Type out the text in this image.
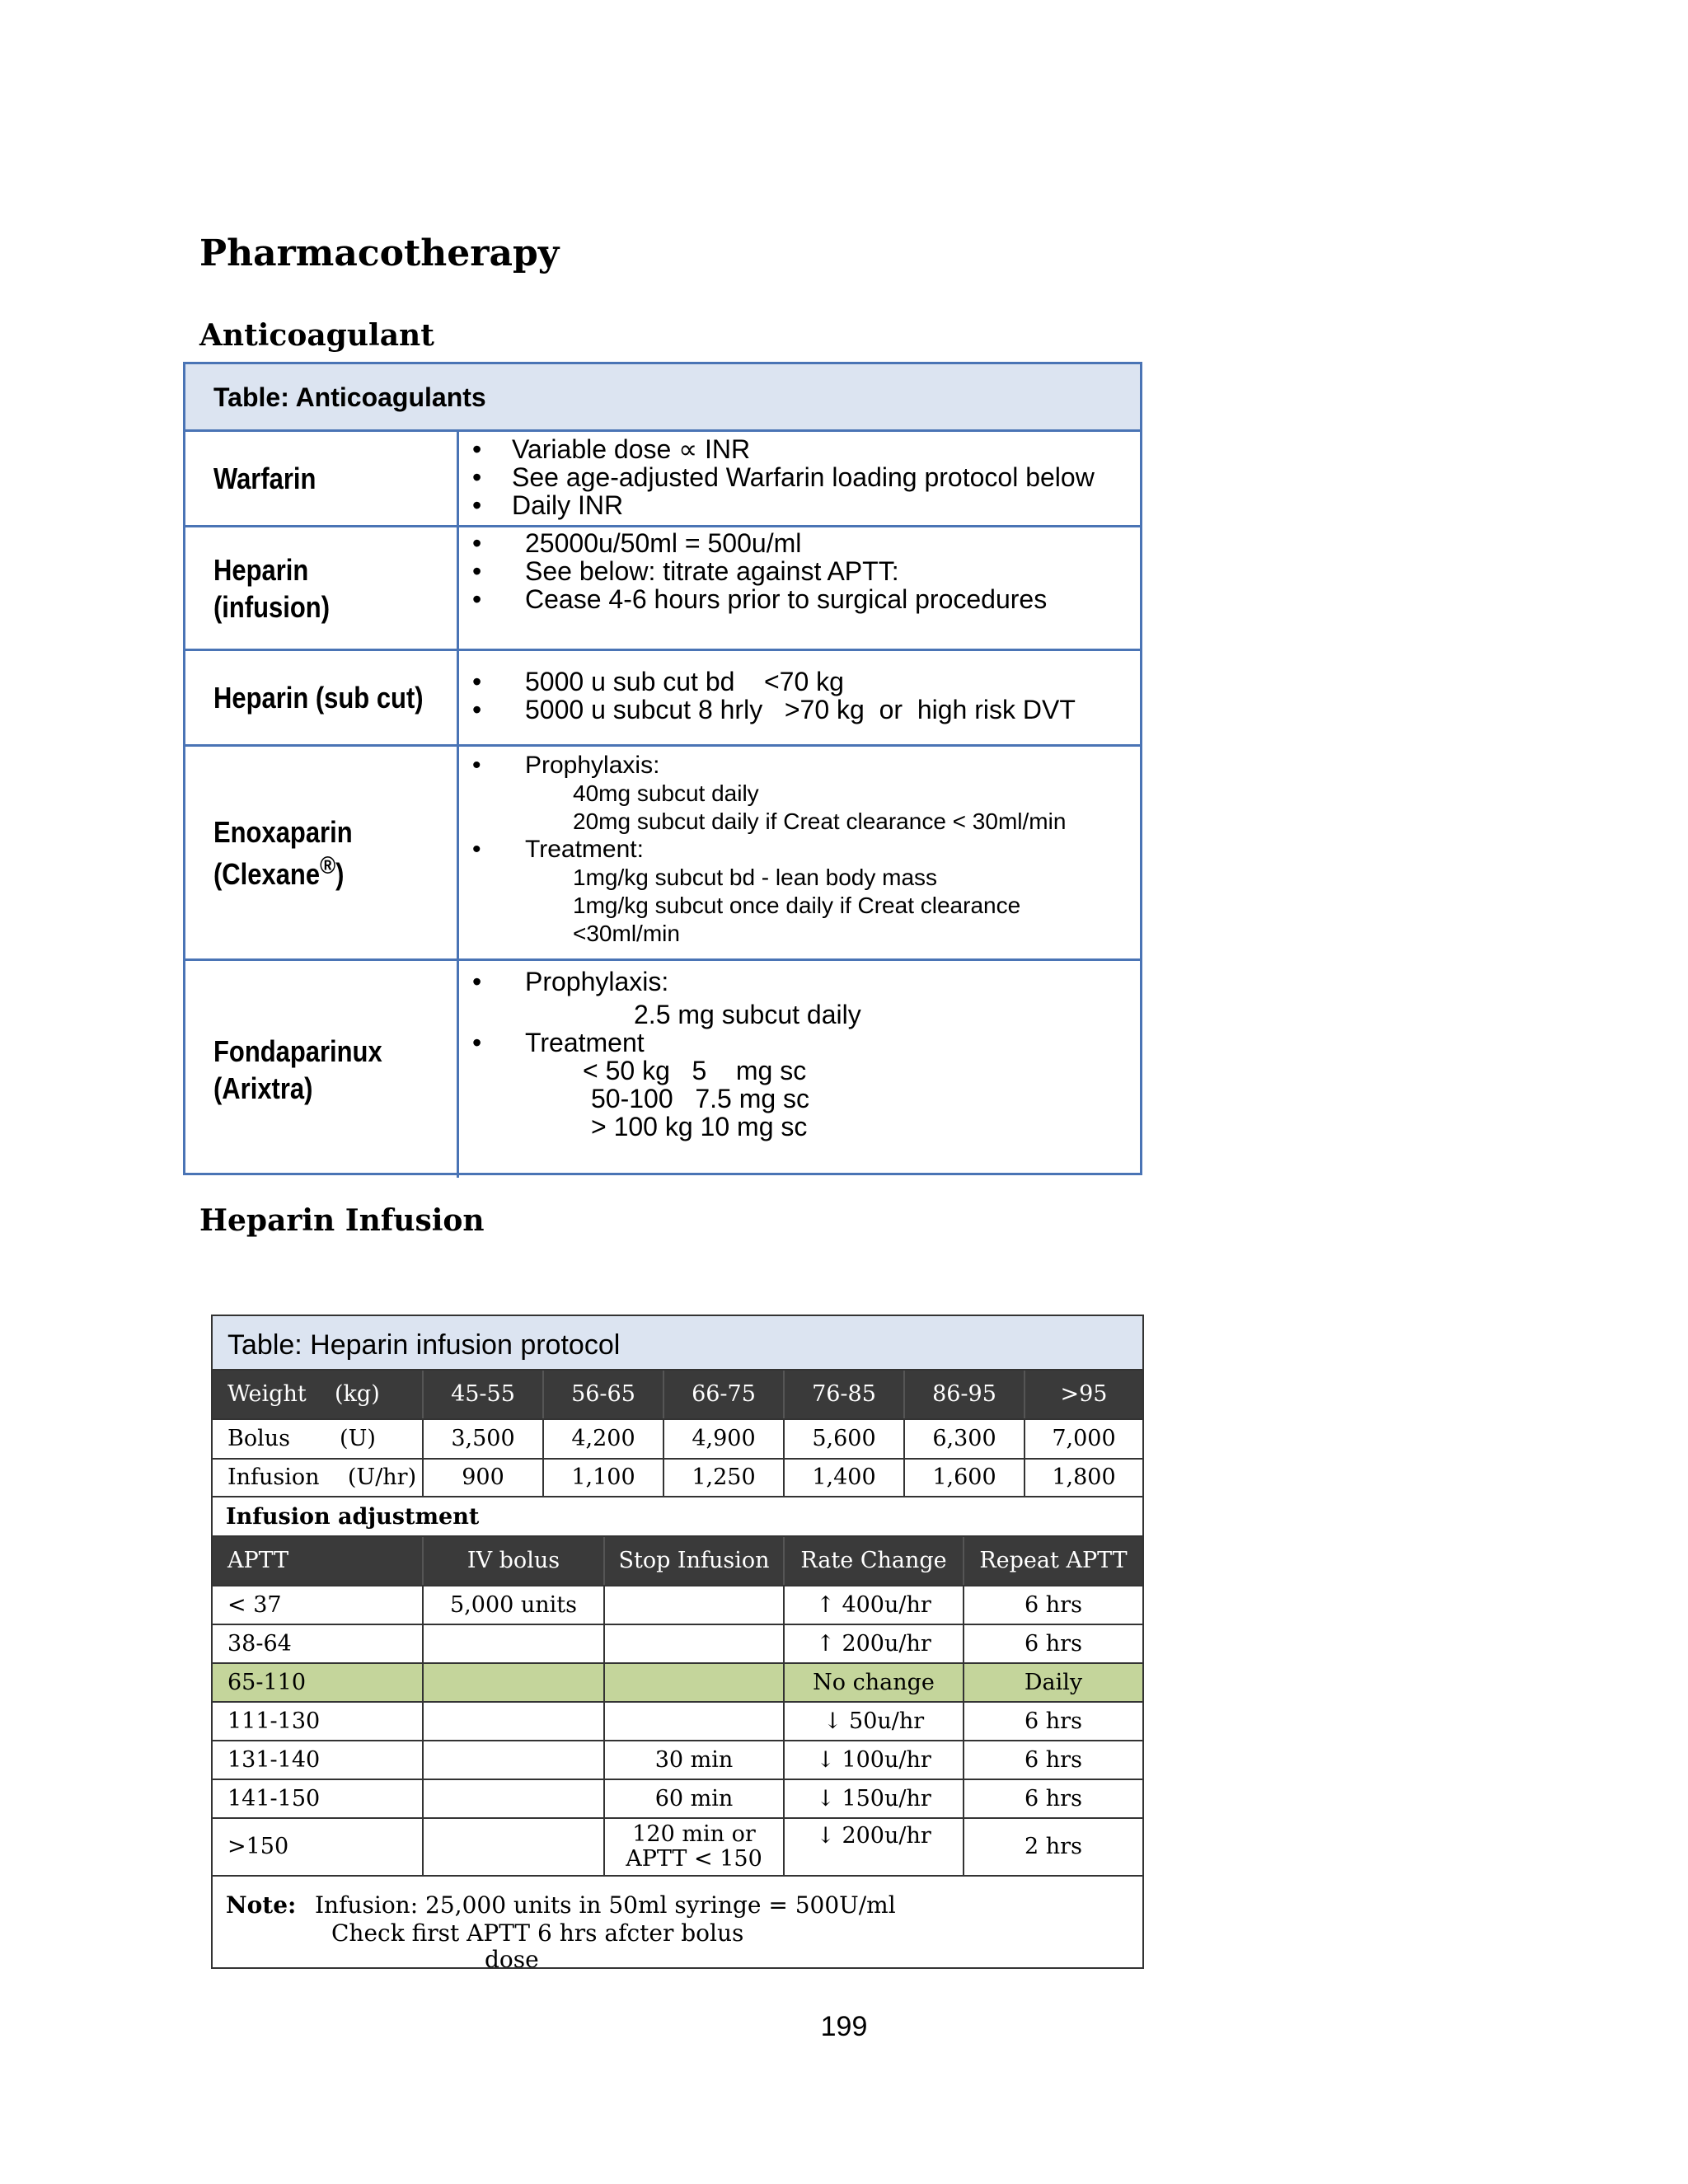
Pharmacotherapy
Anticoagulant
Table: Anticoagulants
Warfarin
• Variable dose ∝ INR
• See age-adjusted Warfarin loading protocol below
• Daily INR
Heparin
(infusion)
• 25000u/50ml = 500u/ml
• See below: titrate against APTT:
• Cease 4-6 hours prior to surgical procedures
Heparin (sub cut)
•	5000 u sub cut bd    <70 kg
• 5000 u subcut 8 hrly   >70 kg  or  high risk DVT
Enoxaparin
(Clexane®)
• Prophylaxis:
40mg subcut daily
20mg subcut daily if Creat clearance < 30ml/min
• Treatment:
1mg/kg subcut bd - lean body mass
1mg/kg subcut once daily if Creat clearance
<30ml/min
Fondaparinux
(Arixtra)
• Prophylaxis:
2.5 mg subcut daily
• Treatment
< 50 kg   5    mg sc
50-100   7.5 mg sc
> 100 kg 10 mg sc
Heparin Infusion
Table: Heparin infusion protocol
Weight    (kg)	45-55	56-65	66-75	76-85	86-95	>95
Bolus       (U)	3,500	4,200	4,900	5,600	6,300	7,000
Infusion    (U/hr)	900	1,100	1,250	1,400	1,600	1,800
Infusion adjustment
APTT	IV bolus	Stop Infusion	Rate Change	Repeat APTT
< 37	5,000 units	↑ 400u/hr	6 hrs
38-64	↑ 200u/hr	6 hrs
65-110	No change	Daily
111-130	↓ 50u/hr	6 hrs
131-140	30 min	↓ 100u/hr	6 hrs
141-150	60 min	↓ 150u/hr	6 hrs
>150	120 min or
APTT < 150
↓ 200u/hr	2 hrs
Note: Infusion: 25,000 units in 50ml syringe = 500U/ml
Check first APTT 6 hrs afcter bolus
dose
199
